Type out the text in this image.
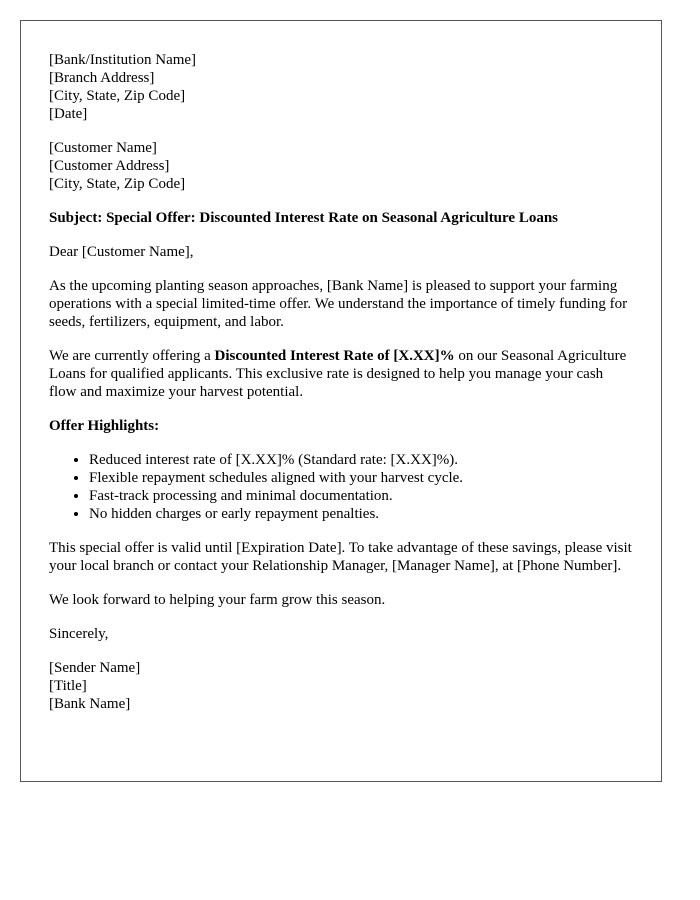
[Bank/Institution Name]
[Branch Address]
[City, State, Zip Code]
[Date]
[Customer Name]
[Customer Address]
[City, State, Zip Code]
Subject: Special Offer: Discounted Interest Rate on Seasonal Agriculture Loans

Dear [Customer Name],

As the upcoming planting season approaches, [Bank Name] is pleased to support your farming operations with a special limited-time offer. We understand the importance of timely funding for seeds, fertilizers, equipment, and labor.

We are currently offering a Discounted Interest Rate of [X.XX]% on our Seasonal Agriculture Loans for qualified applicants. This exclusive rate is designed to help you manage your cash flow and maximize your harvest potential.

Offer Highlights:
• Reduced interest rate of [X.XX]% (Standard rate: [X.XX]%).
• Flexible repayment schedules aligned with your harvest cycle.
• Fast-track processing and minimal documentation.
• No hidden charges or early repayment penalties.

This special offer is valid until [Expiration Date]. To take advantage of these savings, please visit your local branch or contact your Relationship Manager, [Manager Name], at [Phone Number].

We look forward to helping your farm grow this season.

Sincerely,

[Sender Name]
[Title]
[Bank Name]
